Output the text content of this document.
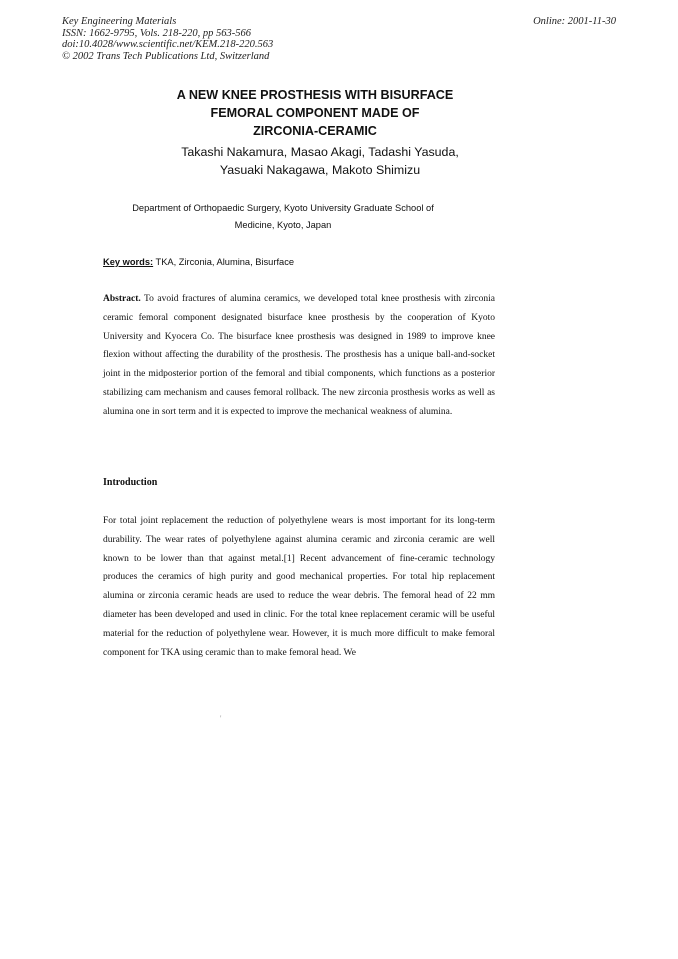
Key Engineering Materials
ISSN: 1662-9795, Vols. 218-220, pp 563-566
doi:10.4028/www.scientific.net/KEM.218-220.563
© 2002 Trans Tech Publications Ltd, Switzerland
Online: 2001-11-30
A NEW KNEE PROSTHESIS WITH BISURFACE
FEMORAL COMPONENT MADE OF
ZIRCONIA-CERAMIC
Takashi Nakamura, Masao Akagi, Tadashi Yasuda,
Yasuaki Nakagawa, Makoto Shimizu
Department of Orthopaedic Surgery, Kyoto University Graduate School of
Medicine, Kyoto, Japan
Key words: TKA, Zirconia, Alumina, Bisurface
Abstract. To avoid fractures of alumina ceramics, we developed total knee prosthesis with zirconia ceramic femoral component designated bisurface knee prosthesis by the cooperation of Kyoto University and Kyocera Co. The bisurface knee prosthesis was designed in 1989 to improve knee flexion without affecting the durability of the prosthesis. The prosthesis has a unique ball-and-socket joint in the midposterior portion of the femoral and tibial components, which functions as a posterior stabilizing cam mechanism and causes femoral rollback. The new zirconia prosthesis works as well as alumina one in sort term and it is expected to improve the mechanical weakness of alumina.
Introduction
For total joint replacement the reduction of polyethylene wears is most important for its long-term durability. The wear rates of polyethylene against alumina ceramic and zirconia ceramic are well known to be lower than that against metal.[1] Recent advancement of fine-ceramic technology produces the ceramics of high purity and good mechanical properties. For total hip replacement alumina or zirconia ceramic heads are used to reduce the wear debris. The femoral head of 22 mm diameter has been developed and used in clinic. For the total knee replacement ceramic will be useful material for the reduction of polyethylene wear. However, it is much more difficult to make femoral component for TKA using ceramic than to make femoral head. We
'
